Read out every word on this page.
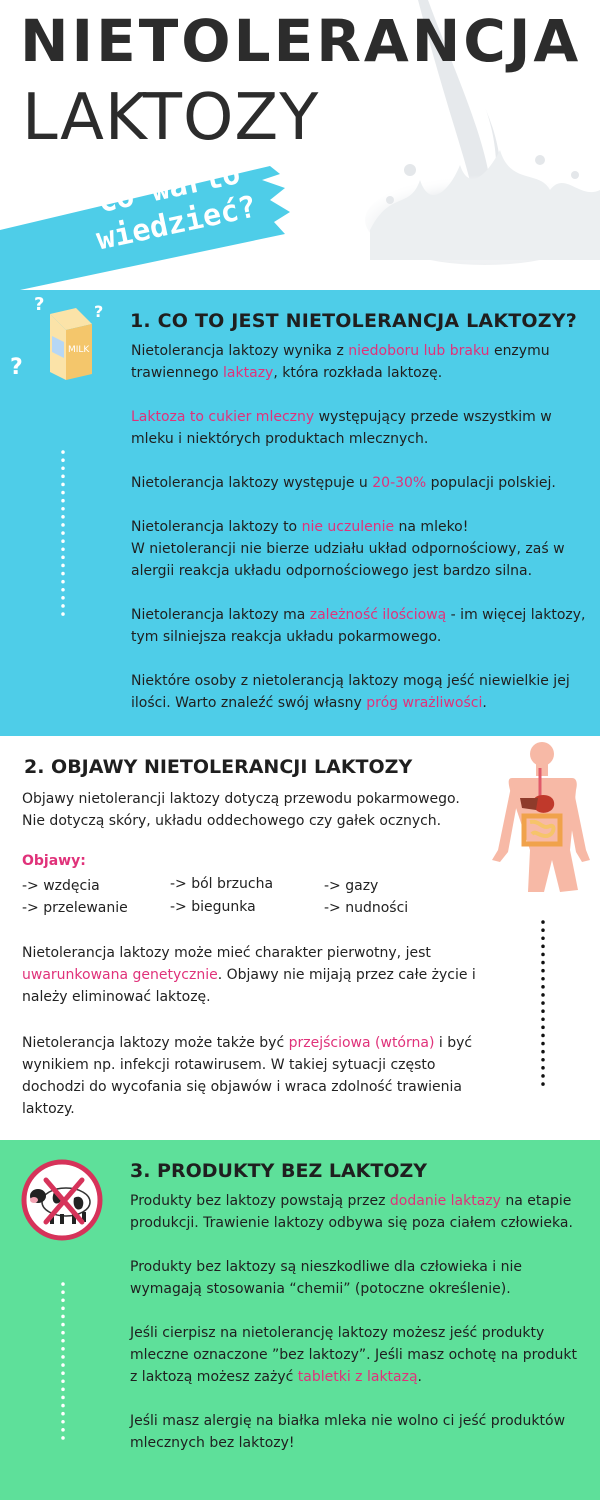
NIETOLERANCJA
LAKTOZY
Co warto wiedzieć?
?	?
?
MILK
1. CO TO JEST NIETOLERANCJA LAKTOZY?

Nietolerancja laktozy wynika z niedoboru lub braku enzymu trawiennego laktazy, która rozkłada laktozę.

Laktoza to cukier mleczny występujący przede wszystkim w mleku i niektórych produktach mlecznych.

Nietolerancja laktozy występuje u 20-30% populacji polskiej.

Nietolerancja laktozy to nie uczulenie na mleko!
W nietolerancji nie bierze udziału układ odpornościowy, zaś w alergii reakcja układu odpornościowego jest bardzo silna.

Nietolerancja laktozy ma zależność ilościową - im więcej laktozy, tym silniejsza reakcja układu pokarmowego.

Niektóre osoby z nietolerancją laktozy mogą jeść niewielkie jej ilości. Warto znaleźć swój własny próg wrażliwości.

2. OBJAWY NIETOLERANCJI LAKTOZY
Objawy nietolerancji laktozy dotyczą przewodu pokarmowego.
Nie dotyczą skóry, układu oddechowego czy gałek ocznych.
Objawy:
-> wzdęcia
-> przelewanie
-> ból brzucha
-> biegunka
-> gazy
-> nudności
Nietolerancja laktozy może mieć charakter pierwotny, jest uwarunkowana genetycznie. Objawy nie mijają przez całe życie i należy eliminować laktozę.
Nietolerancja laktozy może także być przejściowa (wtórna) i być wynikiem np. infekcji rotawirusem. W takiej sytuacji często dochodzi do wycofania się objawów i wraca zdolność trawienia laktozy.
3. PRODUKTY BEZ LAKTOZY

Produkty bez laktozy powstają przez dodanie laktazy na etapie produkcji. Trawienie laktozy odbywa się poza ciałem człowieka.

Produkty bez laktozy są nieszkodliwe dla człowieka i nie wymagają stosowania “chemii” (potoczne określenie).

Jeśli cierpisz na nietolerancję laktozy możesz jeść produkty mleczne oznaczone ”bez laktozy”. Jeśli masz ochotę na produkt z laktozą możesz zażyć tabletki z laktazą.

Jeśli masz alergię na białka mleka nie wolno ci jeść produktów mlecznych bez laktozy!
